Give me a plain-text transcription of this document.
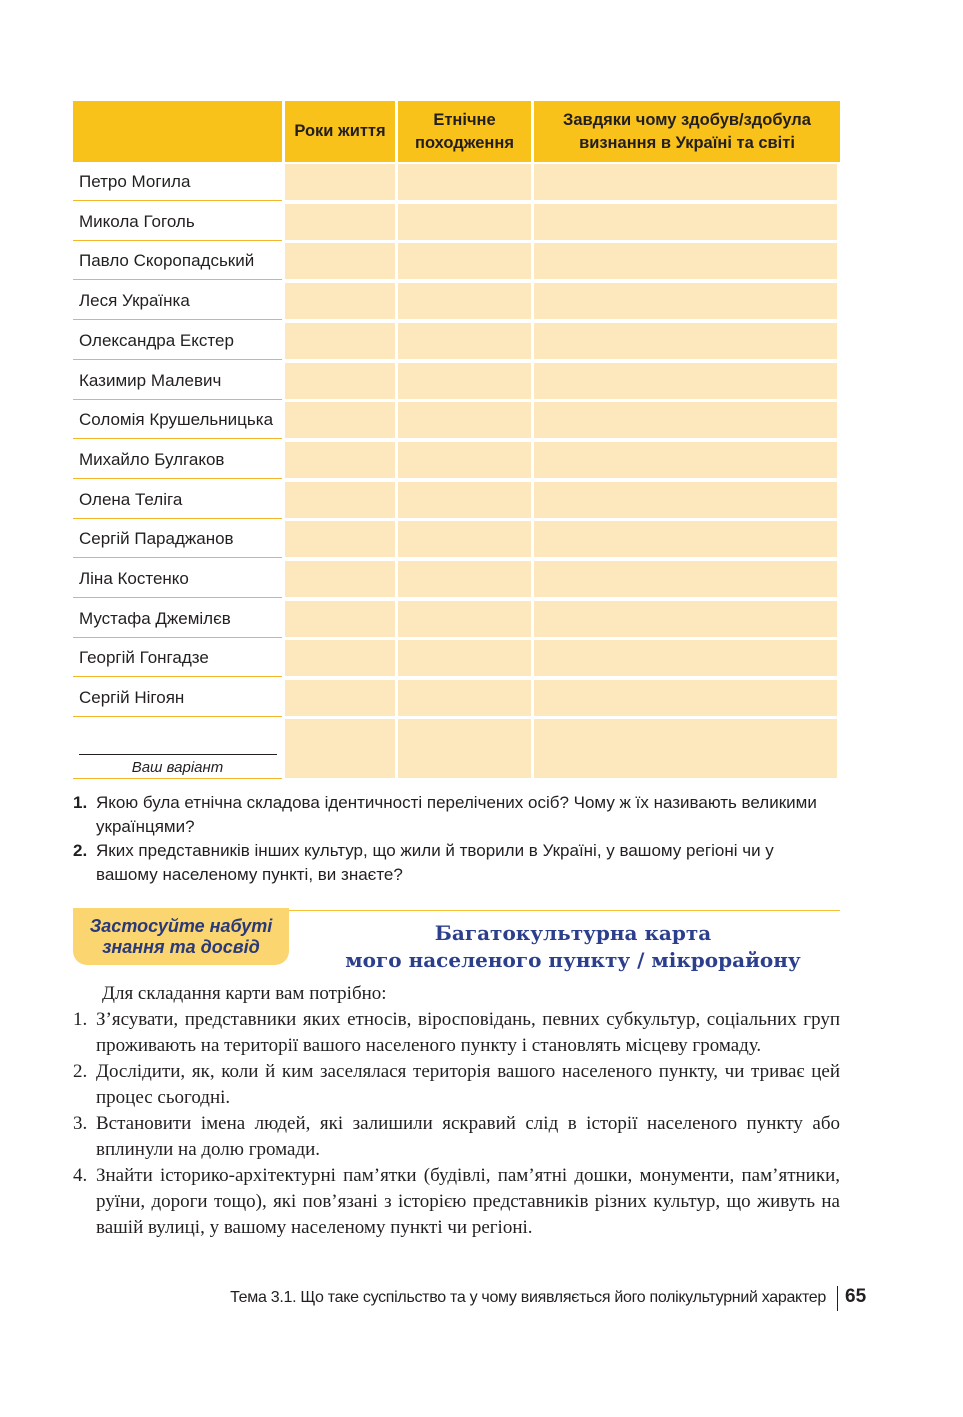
Роки життя
Етнічне
походження
Завдяки чому здобув/здобула
визнання в Україні та світі
Петро Могила
Микола Гоголь
Павло Скоропадський
Леся Українка
Олександра Екстер
Казимир Малевич
Соломія Крушельницька
Михайло Булгаков
Олена Теліга
Сергій Параджанов
Ліна Костенко
Мустафа Джемілєв
Георгій Гонгадзе
Сергій Нігоян
Ваш варіант
1. Якою була етнічна складова ідентичності перелічених осіб? Чому ж їх називають великими українцями?
2. Яких представників інших культур, що жили й творили в Україні, у вашому регіоні чи у вашому населеному пункті, ви знаєте?
Застосуйте набуті
знання та досвід
Багатокультурна карта
мого населеного пункту / мікрорайону
Для складання карти вам потрібно:
1. З’ясувати, представники яких етносів, віросповідань, певних субкультур, соціальних груп проживають на території вашого населеного пункту і становлять місцеву громаду.
2. Дослідити, як, коли й ким заселялася територія вашого населеного пункту, чи триває цей процес сьогодні.
3. Встановити імена людей, які залишили яскравий слід в історії населеного пункту або вплинули на долю громади.
4. Знайти історико-архітектурні пам’ятки (будівлі, пам’ятні дошки, монументи, пам’ятники, руїни, дороги тощо), які пов’язані з історією представників різних культур, що живуть на вашій вулиці, у вашому населеному пункті чи регіоні.
Тема 3.1. Що таке суспільство та у чому виявляється його полікультурний характер 65
